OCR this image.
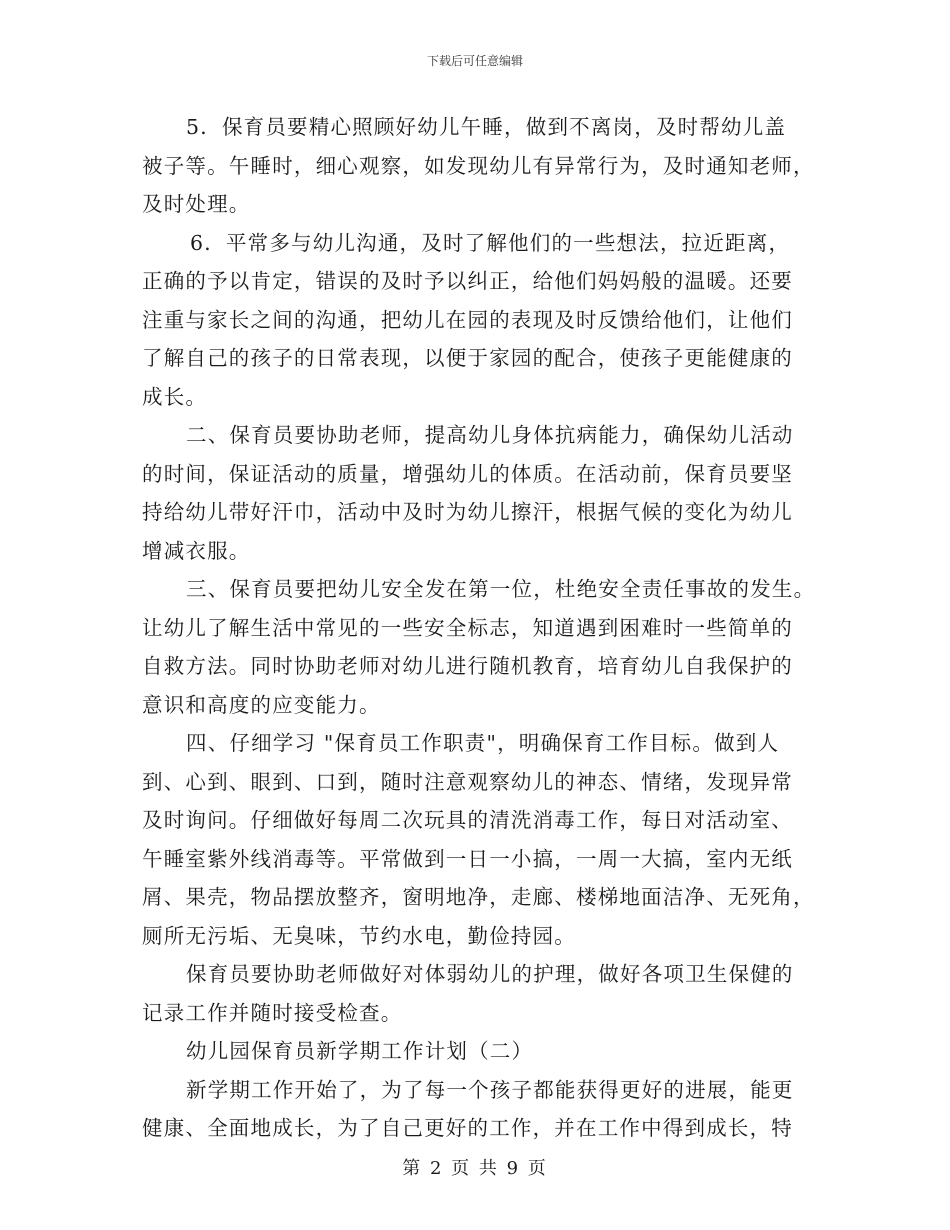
下载后可任意编辑
5．保育员要精心照顾好幼儿午睡，做到不离岗，及时帮幼儿盖
被子等。午睡时，细心观察，如发现幼儿有异常行为，及时通知老师，
及时处理。
6．平常多与幼儿沟通，及时了解他们的一些想法，拉近距离，
正确的予以肯定，错误的及时予以纠正，给他们妈妈般的温暖。还要
注重与家长之间的沟通，把幼儿在园的表现及时反馈给他们，让他们
了解自己的孩子的日常表现，以便于家园的配合，使孩子更能健康的
成长。
二、保育员要协助老师，提高幼儿身体抗病能力，确保幼儿活动
的时间，保证活动的质量，增强幼儿的体质。在活动前，保育员要坚
持给幼儿带好汗巾，活动中及时为幼儿擦汗，根据气候的变化为幼儿
增减衣服。
三、保育员要把幼儿安全发在第一位，杜绝安全责任事故的发生。
让幼儿了解生活中常见的一些安全标志，知道遇到困难时一些简单的
自救方法。同时协助老师对幼儿进行随机教育，培育幼儿自我保护的
意识和高度的应变能力。
四、仔细学习 "保育员工作职责"，明确保育工作目标。做到人
到、心到、眼到、口到，随时注意观察幼儿的神态、情绪，发现异常
及时询问。仔细做好每周二次玩具的清洗消毒工作，每日对活动室、
午睡室紫外线消毒等。平常做到一日一小搞，一周一大搞，室内无纸
屑、果壳，物品摆放整齐，窗明地净，走廊、楼梯地面洁净、无死角，
厕所无污垢、无臭味，节约水电，勤俭持园。
保育员要协助老师做好对体弱幼儿的护理，做好各项卫生保健的
记录工作并随时接受检查。
幼儿园保育员新学期工作计划（二）
新学期工作开始了，为了每一个孩子都能获得更好的进展，能更
健康、全面地成长，为了自己更好的工作，并在工作中得到成长，特
第 2 页 共 9 页
